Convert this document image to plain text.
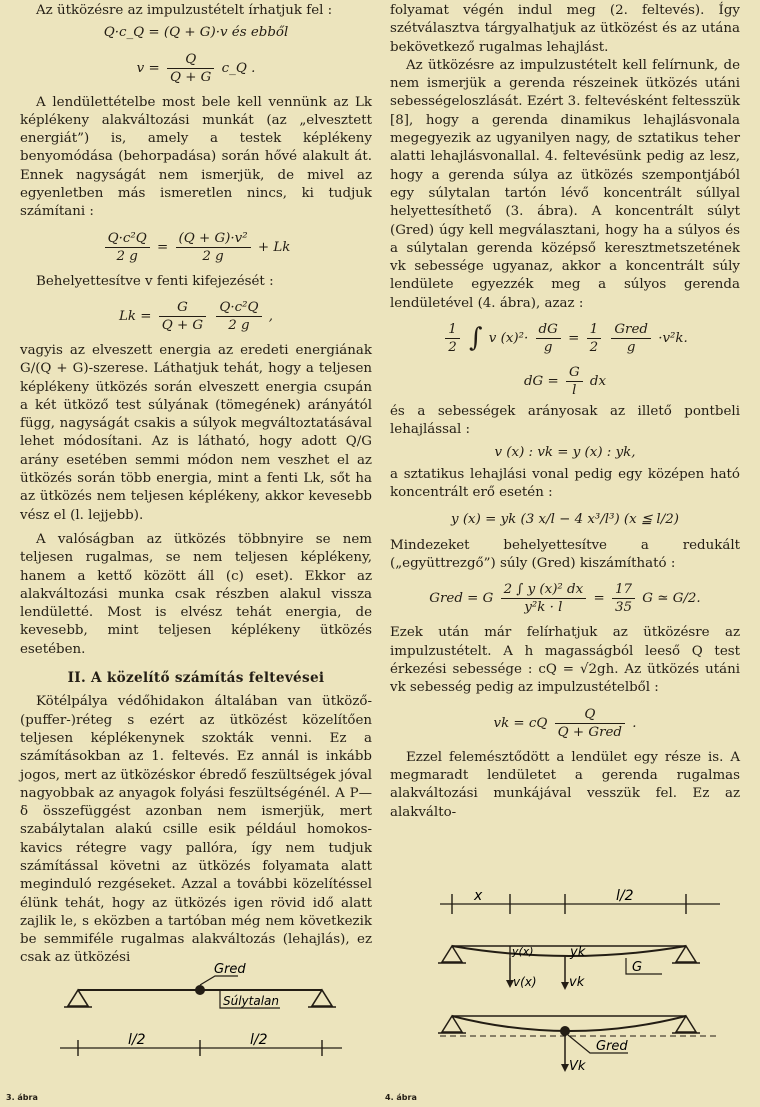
Az ütközésre az impulzustételt írhatjuk fel :

Q·c_Q = (Q + G)·v és ebből
$v = \frac{Q}{Q + G}$ c_Q .

A lendülettételbe most bele kell vennünk az Lk képlékeny alakváltozási munkát (az „elvesztett energiát”) is, amely a testek képlékeny benyomódása (behorpadása) során hővé alakult át. Ennek nagyságát nem ismerjük, de mivel az egyenletben más ismeretlen nincs, ki tudjuk számítani :

$\frac{\text{Q·c²Q}}{2 g} = \frac{\text{(Q + G)·v²}}{2 g} + Lk$

Behelyettesítve v fenti kifejezését :

$Lk = \frac{G}{Q + G}$
$\frac{\text{Q·c²Q}}{2 g}$ ,

vagyis az elveszett energia az eredeti energiának G/(Q + G)-szerese. Láthatjuk tehát, hogy a teljesen képlékeny ütközés során elveszett energia csupán a két ütköző test súlyának (tömegének) arányától függ, nagyságát csakis a súlyok megváltoztatásával lehet módosítani. Az is látható, hogy adott Q/G arány esetében semmi módon nem veszhet el az ütközés során több energia, mint a fenti Lk, sőt ha az ütközés nem teljesen képlékeny, akkor kevesebb vész el (l. lejjebb).

A valóságban az ütközés többnyire se nem teljesen rugalmas, se nem teljesen képlékeny, hanem a kettő között áll (c) eset). Ekkor az alakváltozási munka csak részben alakul vissza lendületté. Most is elvész tehát energia, de kevesebb, mint teljesen képlékeny ütközés esetében.

II. A közelítő számítás feltevései

Kötélpálya védőhidakon általában van ütköző-(puffer-)réteg s ezért az ütközést közelítően teljesen képlékenynek szokták venni. Ez a számításokban az 1. feltevés. Ez annál is inkább jogos, mert az ütközéskor ébredő feszültségek jóval nagyobbak az anyagok folyási feszültségénél. A P—δ összefüggést azonban nem ismerjük, mert szabálytalan alakú csille esik például homokos-kavics rétegre vagy pallóra, így nem tudjuk számítással követni az ütközés folyamata alatt meginduló rezgéseket. Azzal a további közelítéssel élünk tehát, hogy az ütközés igen rövid idő alatt zajlik le, s eközben a tartóban még nem következik be semmiféle rugalmas alakváltozás (lehajlás), ez csak az ütközési

Gred
Súlytalan
l/2	l/2
3. ábra

folyamat végén indul meg (2. feltevés). Így szétválasztva tárgyalhatjuk az ütközést és az utána bekövetkező rugalmas lehajlást.

Az ütközésre az impulzustételt kell felírnunk, de nem ismerjük a gerenda részeinek ütközés utáni sebességeloszlását. Ezért 3. feltevésként feltesszük [8], hogy a gerenda dinamikus lehajlásvonala megegyezik az ugyanilyen nagy, de sztatikus teher alatti lehajlásvonallal. 4. feltevésünk pedig az lesz, hogy a gerenda súlya az ütközés szempontjából egy súlytalan tartón lévő koncentrált súllyal helyettesíthető (3. ábra). A koncentrált súlyt (Gred) úgy kell megválasztani, hogy ha a súlyos és a súlytalan gerenda középső keresztmetszetének vk sebessége ugyanaz, akkor a koncentrált súly lendülete egyezzék meg a súlyos gerenda lendületével (4. ábra), azaz :

$\frac{1}{2}$ ∫ v $(x)^2\cdot \frac{dG}{g} = \frac{1}{2}$
$\frac{\text{Gred}}{g} \cdot v^2k$.
dG = $\frac{G}{l}$ dx

és a sebességek arányosak az illető pontbeli lehajlással :

v (x) : vk = y (x) : yk,

a sztatikus lehajlási vonal pedig egy középen ható koncentrált erő esetén :

y (x) = yk (3 x/l − 4 x³/l³) (x ≦ l/2)

Mindezeket behelyettesítve a redukált („együttrezgő”) súly (Gred) kiszámítható :

Gred = G $\frac{\text{2 ∫ y (x)² dx}}{\text{y²k · l}} = \frac{17}{35}$ G ≃ G/2.

Ezek után már felírhatjuk az ütközésre az impulzustételt. A h magasságból leeső Q test érkezési sebessége : cQ = √2gh. Az ütközés utáni vk sebesség pedig az impulzustételből :

vk = cQ $\frac{Q}{\text{Q + Gred}}$ .

Ezzel felemésztődött a lendület egy része is. A megmaradt lendületet a gerenda rugalmas alakváltozási munkájával vesszük fel. Ez az alakválto-

x	l/2
y(x)	yk
v(x) vk
G
Vk
Gred
4. ábra
